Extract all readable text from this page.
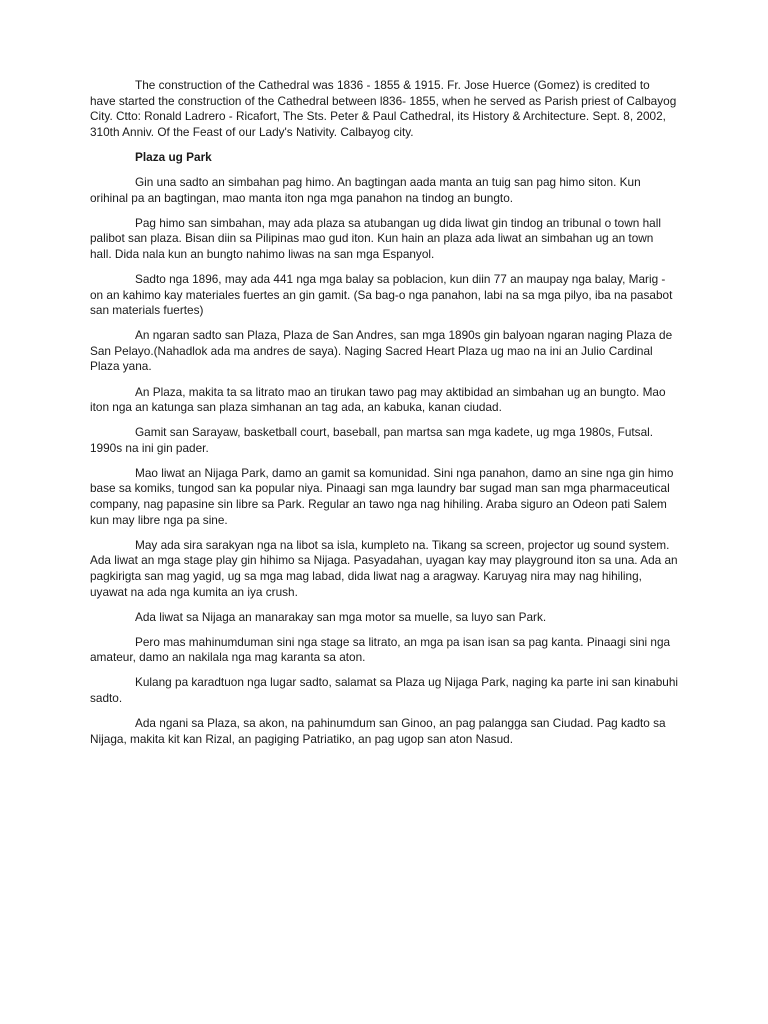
The construction of the Cathedral was 1836 - 1855 & 1915. Fr. Jose Huerce (Gomez) is credited to have started the construction of the Cathedral between l836- 1855, when he served as Parish priest of Calbayog City. Ctto: Ronald Ladrero - Ricafort, The Sts. Peter & Paul Cathedral, its History & Architecture. Sept. 8, 2002, 310th Anniv. Of the Feast of our Lady's Nativity. Calbayog city.

Plaza ug Park

Gin una sadto an simbahan pag himo. An bagtingan aada manta an tuig san pag himo siton. Kun orihinal pa an bagtingan, mao manta iton nga mga panahon na tindog an bungto.

Pag himo san simbahan, may ada plaza sa atubangan ug dida liwat gin tindog an tribunal o town hall palibot san plaza. Bisan diin sa Pilipinas mao gud iton. Kun hain an plaza ada liwat an simbahan ug an town hall. Dida nala kun an bungto nahimo liwas na san mga Espanyol.

Sadto nga 1896, may ada 441 nga mga balay sa poblacion, kun diin 77 an maupay nga balay, Marig -on an kahimo kay materiales fuertes an gin gamit. (Sa bag-o nga panahon, labi na sa mga pilyo, iba na pasabot san materials fuertes)

An ngaran sadto san Plaza, Plaza de San Andres, san mga 1890s gin balyoan ngaran naging Plaza de San Pelayo.(Nahadlok ada ma andres de saya). Naging Sacred Heart Plaza ug mao na ini an Julio Cardinal Plaza yana.

An Plaza, makita ta sa litrato mao an tirukan tawo pag may aktibidad an simbahan ug an bungto. Mao iton nga an katunga san plaza simhanan an tag ada, an kabuka, kanan ciudad.

Gamit san Sarayaw, basketball court, baseball, pan martsa san mga kadete, ug mga 1980s, Futsal. 1990s na ini gin pader.

Mao liwat an Nijaga Park, damo an gamit sa komunidad. Sini nga panahon, damo an sine nga gin himo base sa komiks, tungod san ka popular niya. Pinaagi san mga laundry bar sugad man san mga pharmaceutical company, nag papasine sin libre sa Park. Regular an tawo nga nag hihiling. Araba siguro an Odeon pati Salem kun may libre nga pa sine.

May ada sira sarakyan nga na libot sa isla, kumpleto na. Tikang sa screen, projector ug sound system. Ada liwat an mga stage play gin hihimo sa Nijaga. Pasyadahan, uyagan kay may playground iton sa una. Ada an pagkirigta san mag yagid, ug sa mga mag labad, dida liwat nag a aragway. Karuyag nira may nag hihiling, uyawat na ada nga kumita an iya crush.

Ada liwat sa Nijaga an manarakay san mga motor sa muelle, sa luyo san Park.

Pero mas mahinumduman sini nga stage sa litrato, an mga pa isan isan sa pag kanta. Pinaagi sini nga amateur, damo an nakilala nga mag karanta sa aton.

Kulang pa karadtuon nga lugar sadto, salamat sa Plaza ug Nijaga Park, naging ka parte ini san kinabuhi sadto.

Ada ngani sa Plaza, sa akon, na pahinumdum san Ginoo, an pag palangga san Ciudad. Pag kadto sa Nijaga, makita kit kan Rizal, an pagiging Patriatiko, an pag ugop san aton Nasud.
